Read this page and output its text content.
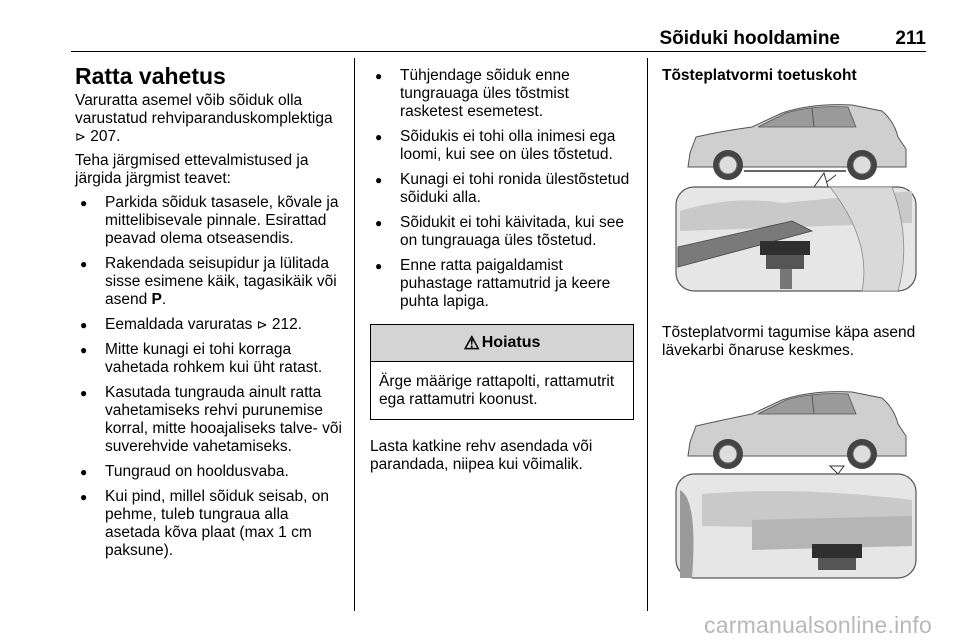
Sõiduki hooldamine	211
Ratta vahetus

Varuratta asemel võib sõiduk olla varustatud rehviparanduskomplektiga ⊳ 207.

Teha järgmised ettevalmistused ja järgida järgmist teavet:

● Parkida sõiduk tasasele, kõvale ja mittelibisevale pinnale. Esirattad peavad olema otseasendis.
● Rakendada seisupidur ja lülitada sisse esimene käik, tagasikäik või asend P.
● Eemaldada varuratas ⊳ 212.
● Mitte kunagi ei tohi korraga vahetada rohkem kui üht ratast.
● Kasutada tungrauda ainult ratta vahetamiseks rehvi purunemise korral, mitte hooajaliseks talve- või suverehvide vahetamiseks.
● Tungraud on hooldusvaba.
● Kui pind, millel sõiduk seisab, on pehme, tuleb tungraua alla asetada kõva plaat (max 1 cm paksune).
● Tühjendage sõiduk enne tungrauaga üles tõstmist rasketest esemetest.
● Sõidukis ei tohi olla inimesi ega loomi, kui see on üles tõstetud.
● Kunagi ei tohi ronida ülestõstetud sõiduki alla.
● Sõidukit ei tohi käivitada, kui see on tungrauaga üles tõstetud.
● Enne ratta paigaldamist puhastage rattamutrid ja keere puhta lapiga.
⚠ Hoiatus
Ärge määrige rattapolti, rattamutrit ega rattamutri koonust.

Lasta katkine rehv asendada või parandada, niipea kui võimalik.

Tõsteplatvormi toetuskoht

Tõsteplatvormi tagumise käpa asend lävekarbi õnaruse keskmes.

carmanualsonline.info
